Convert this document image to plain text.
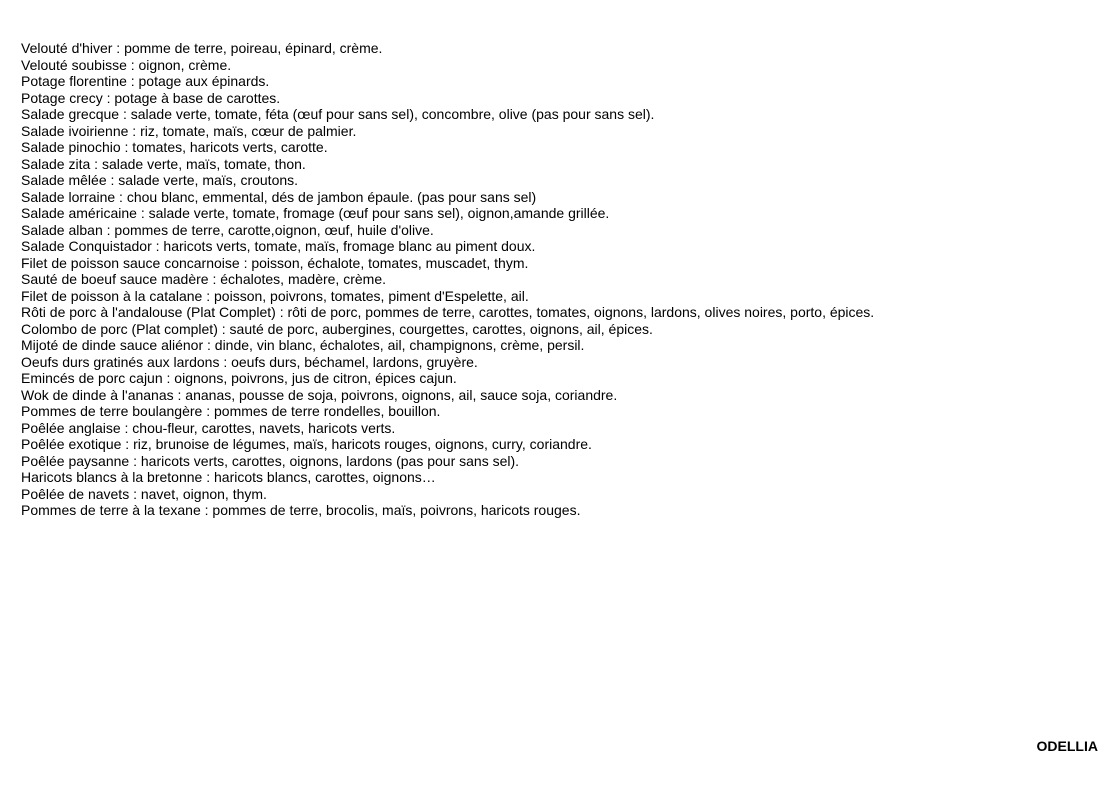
Velouté d'hiver : pomme de terre, poireau, épinard, crème.
Velouté soubisse : oignon, crème.
Potage florentine : potage aux épinards.
Potage crecy : potage à base de carottes.
Salade grecque : salade verte, tomate, féta (œuf pour sans sel), concombre, olive (pas pour sans sel).
Salade ivoirienne : riz, tomate, maïs, cœur de palmier.
Salade pinochio : tomates, haricots verts, carotte.
Salade zita : salade verte, maïs, tomate, thon.
Salade mêlée : salade verte, maïs, croutons.
Salade lorraine : chou blanc, emmental, dés de jambon épaule. (pas pour sans sel)
Salade américaine : salade verte, tomate, fromage (œuf pour sans sel), oignon,amande grillée.
Salade alban : pommes de terre, carotte,oignon, œuf, huile d'olive.
Salade Conquistador : haricots verts, tomate, maïs, fromage blanc au piment doux.
Filet de poisson sauce concarnoise : poisson, échalote, tomates, muscadet, thym.
Sauté de boeuf sauce madère : échalotes, madère, crème.
Filet de poisson à la catalane : poisson, poivrons, tomates, piment d'Espelette, ail.
Rôti de porc à l'andalouse (Plat Complet) : rôti de porc, pommes de terre, carottes, tomates, oignons, lardons, olives noires, porto, épices.
Colombo de porc (Plat complet) : sauté de porc, aubergines, courgettes, carottes, oignons, ail, épices.
Mijoté de dinde sauce aliénor : dinde, vin blanc, échalotes, ail, champignons, crème, persil.
Oeufs durs gratinés aux lardons : oeufs durs, béchamel, lardons, gruyère.
Emincés de porc cajun : oignons, poivrons, jus de citron, épices cajun.
Wok de dinde à l'ananas : ananas, pousse de soja, poivrons, oignons, ail, sauce soja, coriandre.
Pommes de terre boulangère : pommes de terre rondelles, bouillon.
Poêlée anglaise : chou-fleur, carottes, navets, haricots verts.
Poêlée exotique : riz, brunoise de légumes, maïs, haricots rouges, oignons, curry, coriandre.
Poêlée paysanne : haricots verts, carottes, oignons, lardons (pas pour sans sel).
Haricots blancs à la bretonne : haricots blancs, carottes, oignons…
Poêlée de navets : navet, oignon, thym.
Pommes de terre à la texane : pommes de terre, brocolis, maïs, poivrons, haricots rouges.
ODELLIA
